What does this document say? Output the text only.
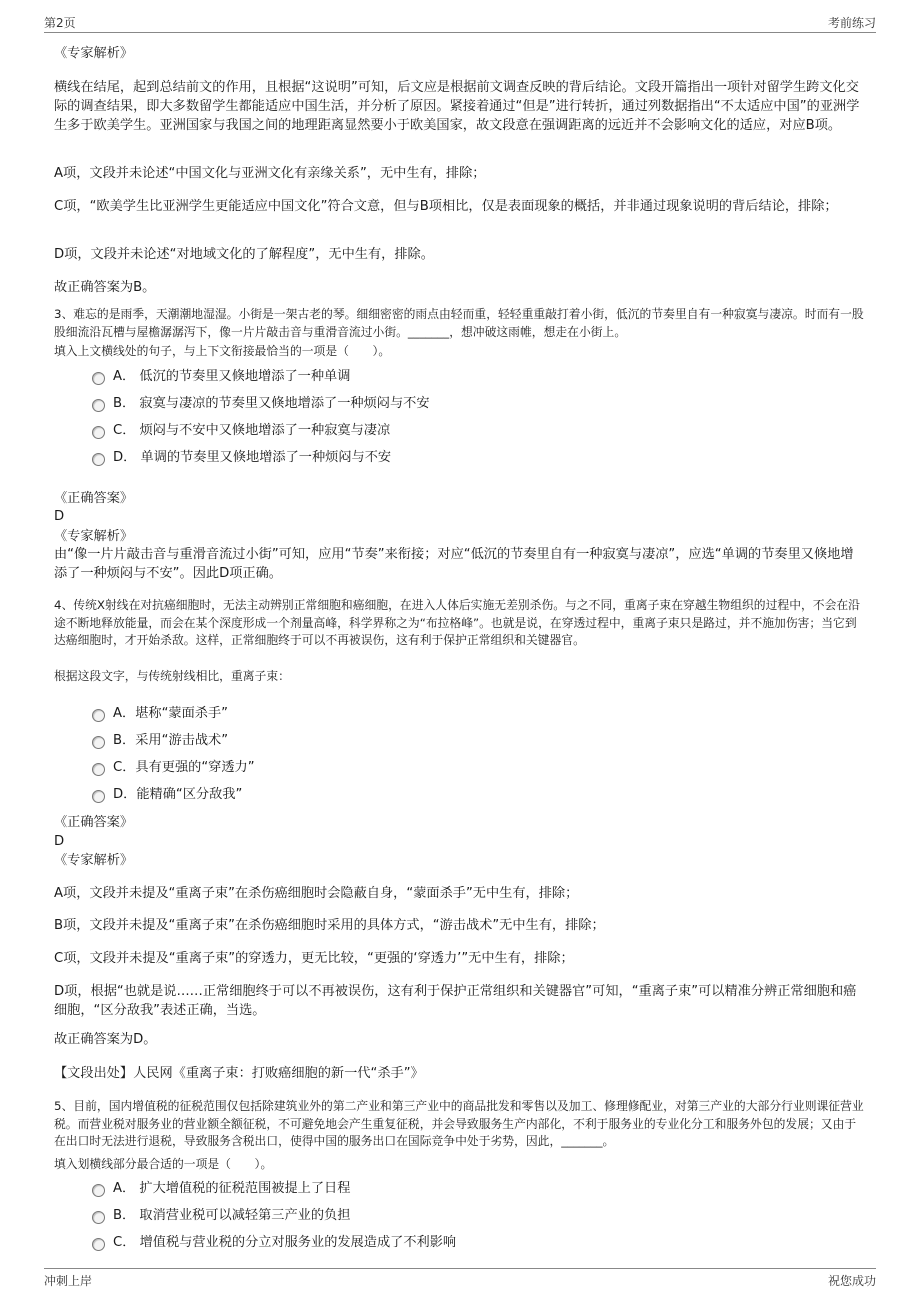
第2页	考前练习

《专家解析》

横线在结尾，起到总结前文的作用，且根据“这说明”可知，后文应是根据前文调查反映的背后结论。文段开篇指出一项针对留学生跨文化交际的调查结果，即大多数留学生都能适应中国生活，并分析了原因。紧接着通过“但是”进行转折，通过列数据指出“不太适应中国”的亚洲学生多于欧美学生。亚洲国家与我国之间的地理距离显然要小于欧美国家，故文段意在强调距离的远近并不会影响文化的适应，对应B项。

A项，文段并未论述“中国文化与亚洲文化有亲缘关系”，无中生有，排除；

C项，“欧美学生比亚洲学生更能适应中国文化”符合文意，但与B项相比，仅是表面现象的概括，并非通过现象说明的背后结论，排除；

D项，文段并未论述“对地域文化的了解程度”，无中生有，排除。

故正确答案为B。

3、难忘的是雨季，天潮潮地湿湿。小街是一架古老的琴。细细密密的雨点由轻而重，轻轻重重敲打着小街，低沉的节奏里自有一种寂寞与凄凉。时而有一股股细流沿瓦槽与屋檐潺潺泻下，像一片片敲击音与重滑音流过小街。_______，想冲破这雨帷，想走在小街上。

填入上文横线处的句子，与上下文衔接最恰当的一项是（　　）。

A． 低沉的节奏里又倏地增添了一种单调
B． 寂寞与凄凉的节奏里又倏地增添了一种烦闷与不安
C． 烦闷与不安中又倏地增添了一种寂寞与凄凉
D． 单调的节奏里又倏地增添了一种烦闷与不安
《正确答案》
D
《专家解析》

由“像一片片敲击音与重滑音流过小街”可知，应用“节奏”来衔接；对应“低沉的节奏里自有一种寂寞与凄凉”，应选“单调的节奏里又倏地增添了一种烦闷与不安”。因此D项正确。

4、传统X射线在对抗癌细胞时，无法主动辨别正常细胞和癌细胞，在进入人体后实施无差别杀伤。与之不同，重离子束在穿越生物组织的过程中，不会在沿途不断地释放能量，而会在某个深度形成一个剂量高峰，科学界称之为“布拉格峰”。也就是说，在穿透过程中，重离子束只是路过，并不施加伤害；当它到达癌细胞时，才开始杀敌。这样，正常细胞终于可以不再被误伤，这有利于保护正常组织和关键器官。

根据这段文字，与传统射线相比，重离子束：

A．堪称“蒙面杀手”
B．采用“游击战术”
C．具有更强的“穿透力”
D．能精确“区分敌我”
《正确答案》
D
《专家解析》

A项，文段并未提及“重离子束”在杀伤癌细胞时会隐蔽自身，“蒙面杀手”无中生有，排除；

B项，文段并未提及“重离子束”在杀伤癌细胞时采用的具体方式，“游击战术”无中生有，排除；

C项，文段并未提及“重离子束”的穿透力，更无比较，“更强的‘穿透力’”无中生有，排除；

D项，根据“也就是说……正常细胞终于可以不再被误伤，这有利于保护正常组织和关键器官”可知，“重离子束”可以精准分辨正常细胞和癌细胞，“区分敌我”表述正确，当选。

故正确答案为D。

【文段出处】人民网《重离子束：打败癌细胞的新一代“杀手”》

5、目前，国内增值税的征税范围仅包括除建筑业外的第二产业和第三产业中的商品批发和零售以及加工、修理修配业，对第三产业的大部分行业则课征营业税。而营业税对服务业的营业额全额征税，不可避免地会产生重复征税，并会导致服务生产内部化，不利于服务业的专业化分工和服务外包的发展；又由于在出口时无法进行退税，导致服务含税出口，使得中国的服务出口在国际竞争中处于劣势，因此，_______。

填入划横线部分最合适的一项是（　　）。

A． 扩大增值税的征税范围被提上了日程
B． 取消营业税可以减轻第三产业的负担
C． 增值税与营业税的分立对服务业的发展造成了不利影响
冲刺上岸	祝您成功
